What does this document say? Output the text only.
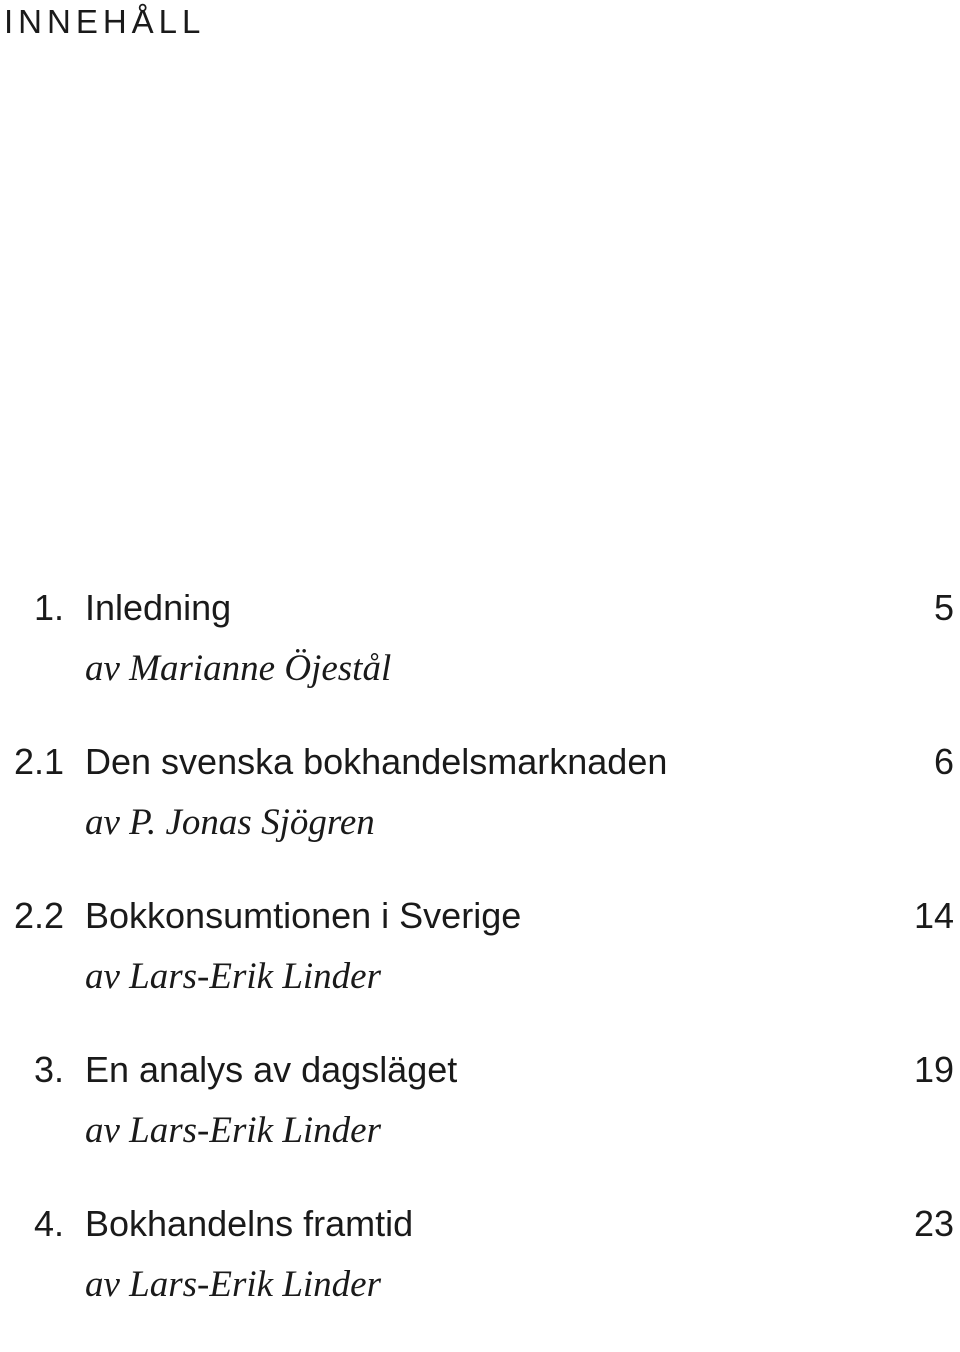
INNEHÅLL
1. Inledning	5
av Marianne Öjestål
2.1 Den svenska bokhandelsmarknaden	6
av P. Jonas Sjögren
2.2 Bokkonsumtionen i Sverige	14
av Lars-Erik Linder
3. En analys av dagsläget	19
av Lars-Erik Linder
4. Bokhandelns framtid	23
av Lars-Erik Linder
